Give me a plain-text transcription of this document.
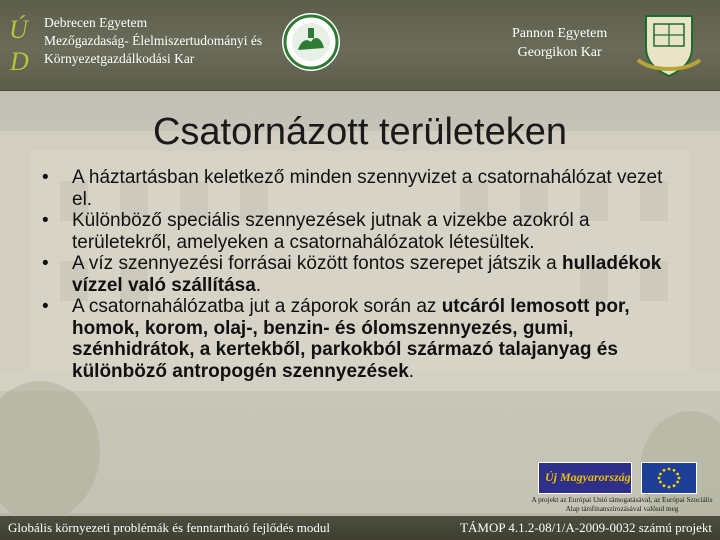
Ú
D
Debrecen Egyetem
Mezőgazdaság- Élelmiszertudományi és
Környezetgazdálkodási Kar
Pannon Egyetem
Georgikon Kar
Csatornázott területeken
• A háztartásban keletkező minden szennyvizet a csatornahálózat vezet el.
• Különböző speciális szennyezések jutnak a vizekbe azokról a területekről, amelyeken a csatornahálózatok létesültek.
• A víz szennyezési forrásai között fontos szerepet játszik a hulladékok vízzel való szállítása.
• A csatornahálózatba jut a záporok során az utcáról lemosott por, homok, korom, olaj-, benzin- és ólomszennyezés, gumi, szénhidrátok, a kertekből, parkokból származó talajanyag és különböző antropogén szennyezések.
Új Magyarország
A projekt az Európai Unió támogatásával, az Európai Szociális Alap társfinanszírozásával valósul meg
Globális környezeti problémák és fenntartható fejlődés modul	TÁMOP 4.1.2-08/1/A-2009-0032 számú projekt
